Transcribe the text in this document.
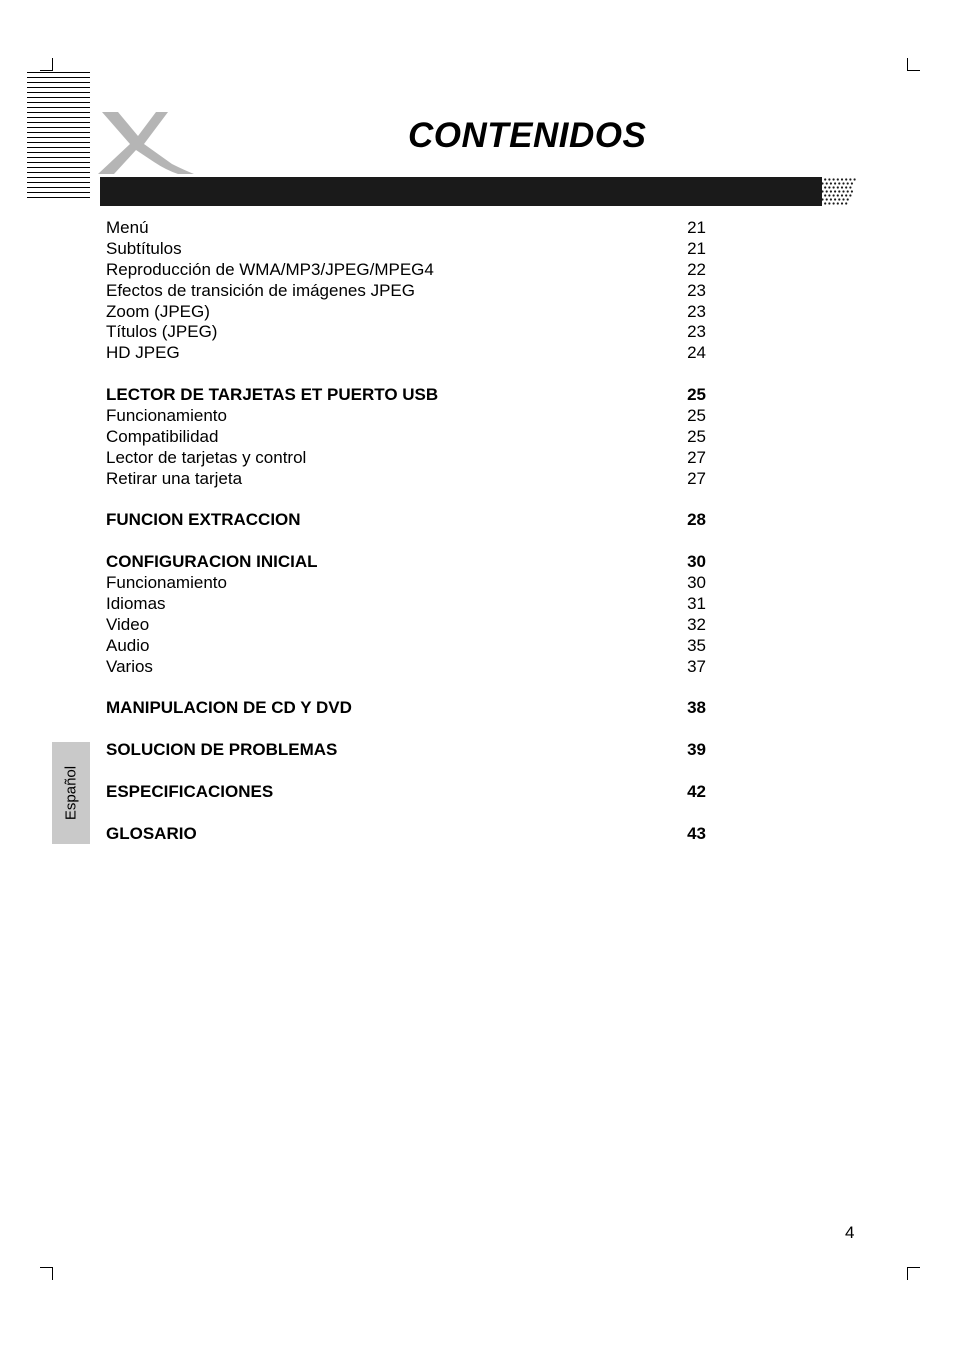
CONTENIDOS
Menú	21
Subtítulos	21
Reproducción de WMA/MP3/JPEG/MPEG4	22
Efectos de transición de imágenes JPEG	23
Zoom (JPEG)	23
Títulos (JPEG)	23
HD JPEG	24
LECTOR DE TARJETAS ET PUERTO USB	25
Funcionamiento	25
Compatibilidad	25
Lector de tarjetas y control	27
Retirar una tarjeta	27
FUNCION EXTRACCION	28
CONFIGURACION INICIAL	30
Funcionamiento	30
Idiomas	31
Video	32
Audio	35
Varios	37
MANIPULACION DE CD Y DVD	38
SOLUCION DE PROBLEMAS	39
ESPECIFICACIONES	42
GLOSARIO	43
Español
4
